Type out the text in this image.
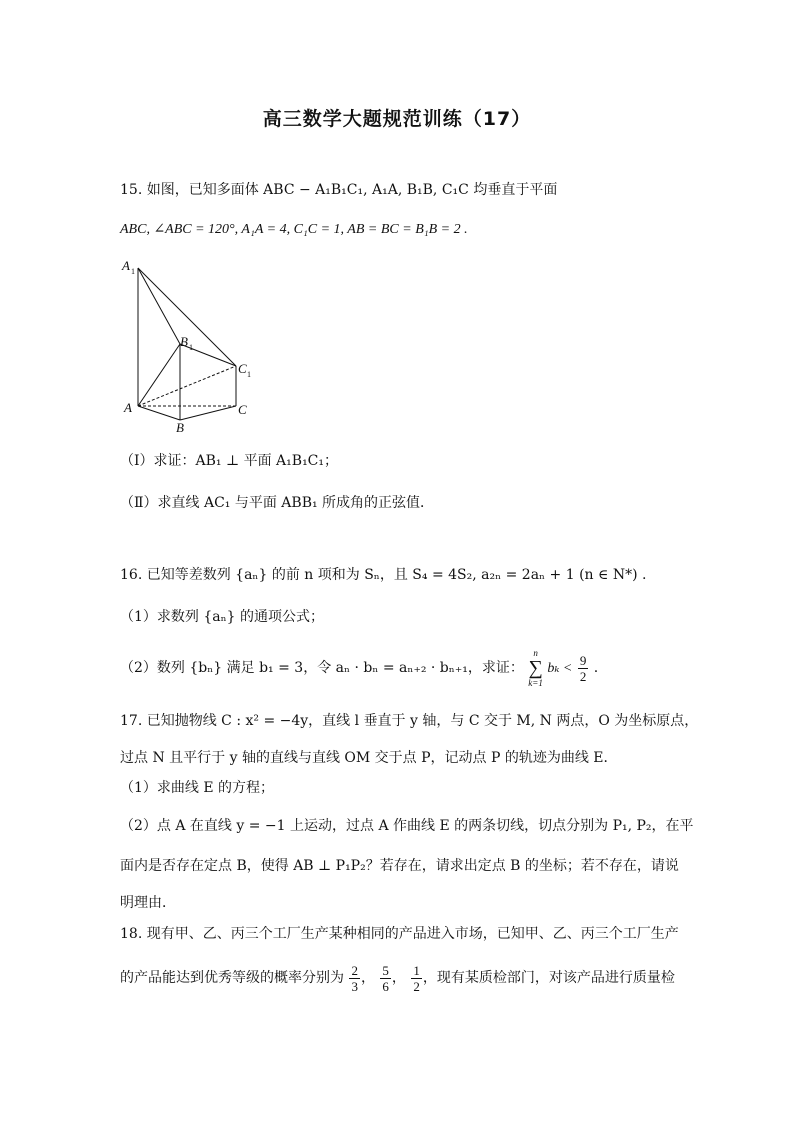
高三数学大题规范训练（17）
15. 如图，已知多面体 ABC − A₁B₁C₁, A₁A, B₁B, C₁C 均垂直于平面
ABC, ∠ABC = 120°, A₁A = 4, C₁C = 1, AB = BC = B₁B = 2 .
A 1
B 1
C 1
A
B
C
（Ⅰ）求证：AB₁ ⊥ 平面 A₁B₁C₁；
（Ⅱ）求直线 AC₁ 与平面 ABB₁ 所成角的正弦值．
16. 已知等差数列 {aₙ} 的前 n 项和为 Sₙ，且 S₄ = 4S₂, a₂ₙ = 2aₙ + 1 (n ∈ N*) .
（1）求数列 {aₙ} 的通项公式；
（2）数列 {bₙ} 满足 b₁ = 3，令 aₙ · bₙ = aₙ₊₂ · bₙ₊₁，求证：
n
∑
k=1
$b_k < \frac{9}{2}$ .
17. 已知抛物线 C : x² = −4y，直线 l 垂直于 y 轴，与 C 交于 M, N 两点，O 为坐标原点，
过点 N 且平行于 y 轴的直线与直线 OM 交于点 P，记动点 P 的轨迹为曲线 E．
（1）求曲线 E 的方程；
（2）点 A 在直线 y = −1 上运动，过点 A 作曲线 E 的两条切线，切点分别为 P₁, P₂，在平
面内是否存在定点 B，使得 AB ⊥ P₁P₂？若存在，请求出定点 B 的坐标；若不存在，请说
明理由．
18. 现有甲、乙、丙三个工厂生产某种相同的产品进入市场，已知甲、乙、丙三个工厂生产
的产品能达到优秀等级的概率分别为 $\frac{2}{3}$ ， $\frac{5}{6}$ ， $\frac{1}{2}$ ，现有某质检部门，对该产品进行质量检
